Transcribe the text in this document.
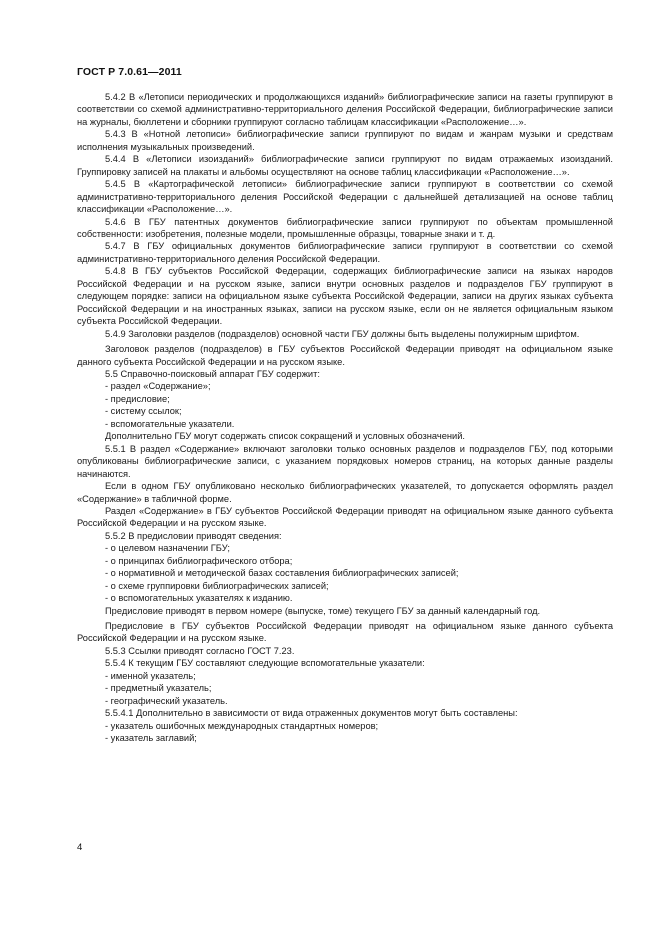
ГОСТ Р 7.0.61—2011

5.4.2 В «Летописи периодических и продолжающихся изданий» библиографические записи на газеты группируют в соответствии со схемой административно-территориального деления Российской Федерации, библиографические записи на журналы, бюллетени и сборники группируют согласно таблицам классификации «Расположение…».

5.4.3 В «Нотной летописи» библиографические записи группируют по видам и жанрам музыки и средствам исполнения музыкальных произведений.

5.4.4 В «Летописи изоизданий» библиографические записи группируют по видам отражаемых изоизданий. Группировку записей на плакаты и альбомы осуществляют на основе таблиц классификации «Расположение…».

5.4.5 В «Картографической летописи» библиографические записи группируют в соответствии со схемой административно-территориального деления Российской Федерации с дальнейшей детализацией на основе таблиц классификации «Расположение…».

5.4.6 В ГБУ патентных документов библиографические записи группируют по объектам промышленной собственности: изобретения, полезные модели, промышленные образцы, товарные знаки и т. д.

5.4.7 В ГБУ официальных документов библиографические записи группируют в соответствии со схемой административно-территориального деления Российской Федерации.

5.4.8 В ГБУ субъектов Российской Федерации, содержащих библиографические записи на языках народов Российской Федерации и на русском языке, записи внутри основных разделов и подразделов ГБУ группируют в следующем порядке: записи на официальном языке субъекта Российской Федерации, записи на других языках субъекта Российской Федерации и на иностранных языках, записи на русском языке, если он не является официальным языком субъекта Российской Федерации.

5.4.9 Заголовки разделов (подразделов) основной части ГБУ должны быть выделены полужирным шрифтом.

Заголовок разделов (подразделов) в ГБУ субъектов Российской Федерации приводят на официальном языке данного субъекта Российской Федерации и на русском языке.

5.5 Справочно-поисковый аппарат ГБУ содержит:

- раздел «Содержание»;

- предисловие;

- систему ссылок;

- вспомогательные указатели.

Дополнительно ГБУ могут содержать список сокращений и условных обозначений.

5.5.1 В раздел «Содержание» включают заголовки только основных разделов и подразделов ГБУ, под которыми опубликованы библиографические записи, с указанием порядковых номеров страниц, на которых данные разделы начинаются.

Если в одном ГБУ опубликовано несколько библиографических указателей, то допускается оформлять раздел «Содержание» в табличной форме.

Раздел «Содержание» в ГБУ субъектов Российской Федерации приводят на официальном языке данного субъекта Российской Федерации и на русском языке.

5.5.2 В предисловии приводят сведения:

- о целевом назначении ГБУ;

- о принципах библиографического отбора;

- о нормативной и методической базах составления библиографических записей;

- о схеме группировки библиографических записей;

- о вспомогательных указателях к изданию.

Предисловие приводят в первом номере (выпуске, томе) текущего ГБУ за данный календарный год.

Предисловие в ГБУ субъектов Российской Федерации приводят на официальном языке данного субъекта Российской Федерации и на русском языке.

5.5.3 Ссылки приводят согласно ГОСТ 7.23.

5.5.4 К текущим ГБУ составляют следующие вспомогательные указатели:

- именной указатель;

- предметный указатель;

- географический указатель.

5.5.4.1 Дополнительно в зависимости от вида отраженных документов могут быть составлены:

- указатель ошибочных международных стандартных номеров;

- указатель заглавий;

4
